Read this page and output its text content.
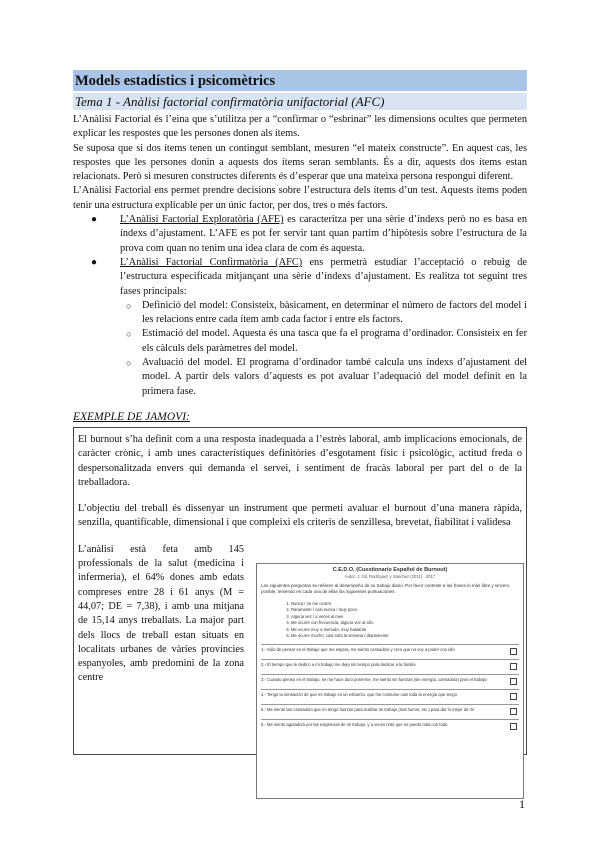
Models estadístics i psicomètrics
Tema 1 - Anàlisi factorial confirmatòria unifactorial (AFC)

L’Anàlisi Factorial és l’eina que s’utilitza per a “confirmar o “esbrinar” les dimensions ocultes que permeten explicar les respostes que les persones donen als ítems.

Se suposa que si dos ítems tenen un contingut semblant, mesuren “el mateix constructe”. En aquest cas, les respostes que les persones donin a aquests dos ítems seran semblants. És a dir, aquests dos ítems estan relacionats. Però si mesuren constructes diferents és d’esperar que una mateixa persona respongui diferent.

L’Anàlisi Factorial ens permet prendre decisions sobre l’estructura dels ítems d’un test. Aquests ítems poden tenir una estructura explicable per un únic factor, per dos, tres o més factors.

● L’Anàlisi Factorial Exploratòria (AFE) es caracteritza per una sèrie d’índexs però no es basa en índexs d’ajustament. L’AFE es pot fer servir tant quan partim d’hipòtesis sobre l’estructura de la prova com quan no tenim una idea clara de com és aquesta.
● L’Anàlisi Factorial Confirmatòria (AFC) ens permetrà estudiar l’acceptació o rebuig de l’estructura especificada mitjançant una sèrie d’índexs d’ajustament. Es realitza tot seguint tres fases principals:
○ Definició del model: Consisteix, bàsicament, en determinar el número de factors del model i les relacions entre cada ítem amb cada factor i entre els factors.
○ Estimació del model. Aquesta és una tasca que fa el programa d’ordinador. Consisteix en fer els càlculs dels paràmetres del model.
○ Avaluació del model. El programa d’ordinador també calcula uns índexs d’ajustament del model. A partir dels valors d’aquests es pot avaluar l’adequació del model definit en la primera fase.
EXEMPLE DE JAMOVI:

El burnout s’ha definit com a una resposta inadequada a l’estrès laboral, amb implicacions emocionals, de caràcter crònic, i amb unes característiques definitòries d’esgotament físic i psicològic, actitud freda o despersonalitzada envers qui demanda el servei, i sentiment de fracàs laboral per part del o de la treballadora.

L’objectiu del treball és dissenyar un instrument que permeti avaluar el burnout d’una manera ràpida, senzilla, quantificable, dimensional i que compleixi els criteris de senzillesa, brevetat, fiabilitat i validesa

L’anàlisi està feta amb 145 professionals de la salut (medicina i infermeria), el 64% dones amb edats compreses entre 28 i 61 anys (M = 44,07; DE = 7,38), i amb una mitjana de 15,14 anys treballats. La major part dels llocs de treball estan situats en localitats urbanes de vàries provincies espanyoles, amb predomini de la zona centre

C.E.D.O. (Cuestionario Español de Burnout)
Autor: J. Gil, Rodríguez y Sánchez (2011) · 2017
Las siguientes preguntas se refieren al desempeño de su trabajo diario. Por favor conteste a las frases lo más libre y sincero posible, teniendo en cada una de ellas las siguientes puntuaciones:
1. Nunca / no me ocurre
2. Raramente / casi nunca / muy poco
3. Alguna vez / a veces al mes
4. Me ocurre con frecuencia, alguna vez al año
5. Me ocurre muy a menudo, muy bastante
6. Me ocurre mucho, casi toda la semana / diariamente
1.- Sólo de pensar en el trabajo que me espera, me siento cansado/a y creo que no voy a poder con ello
2.- El tiempo que le dedico a mi trabajo me deja sin tiempo para dedicar a la familia
3.- Cuando pienso en el trabajo, se me hace duro ponerme, me siento sin fuerzas (sin energía, cansado/a) para el trabajo
4.- Tengo la sensación de que mi trabajo es un esfuerzo, que me consume casi toda la energía que tengo
5.- Me siento tan cansado/a que no tengo fuerzas para realizar mi trabajo (mal humor, etc.) para dar lo mejor de mí
6.- Me siento agotado/a por las exigencias de mi trabajo, y a veces noto que no puedo más con todo
1
